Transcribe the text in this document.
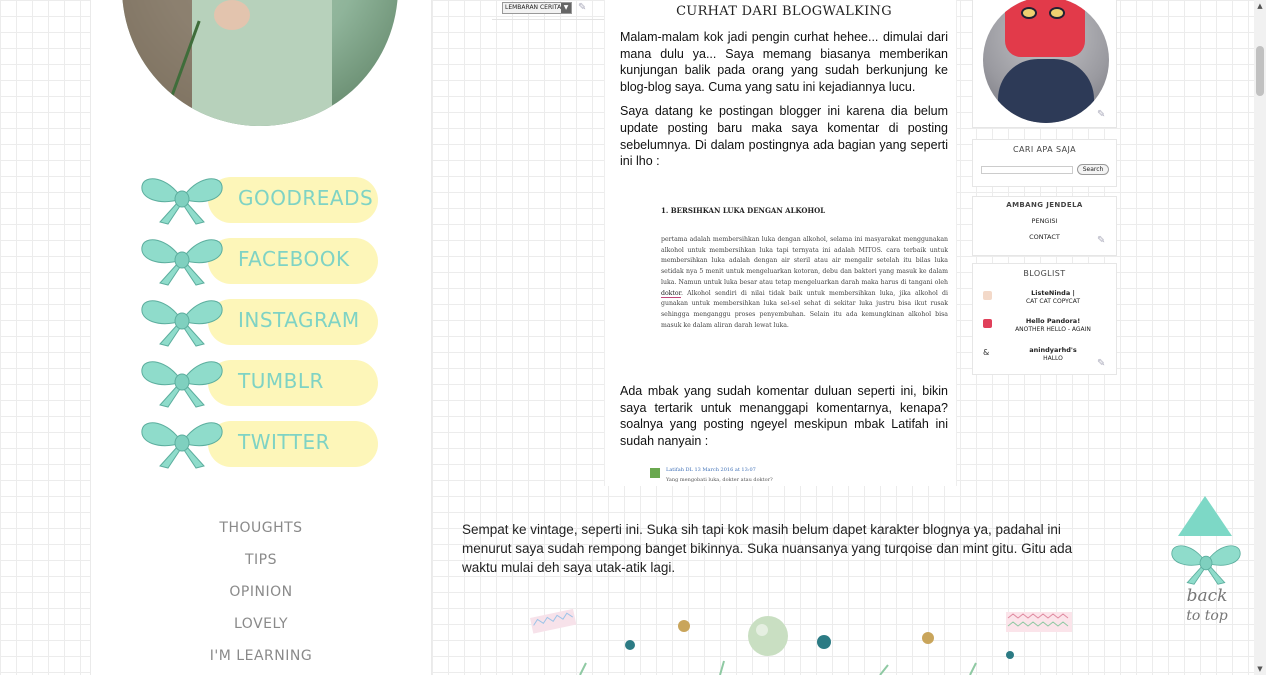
GOODREADS
FACEBOOK
INSTAGRAM
TUMBLR
TWITTER
THOUGHTS
TIPS
OPINION
LOVELY
I'M LEARNING
LEMBARAN CERITA ▼ ✎	CURHAT DARI BLOGWALKING

Malam-malam kok jadi pengin curhat hehee... dimulai dari mana dulu ya... Saya memang biasanya memberikan kunjungan balik pada orang yang sudah berkunjung ke blog-blog saya. Cuma yang satu ini kejadiannya lucu.

Saya datang ke postingan blogger ini karena dia belum update posting baru maka saya komentar di posting sebelumnya. Di dalam postingnya ada bagian yang seperti ini lho :

1. BERSIHKAN LUKA DENGAN ALKOHOL
pertama adalah membersihkan luka dengan alkohol, selama ini masyarakat menggunakan alkohol untuk membersihkan luka tapi ternyata ini adalah MITOS. cara terbaik untuk membersihkan luka adalah dengan air steril atau air mengalir setelah itu bilas luka setidak nya 5 menit untuk mengeluarkan kotoran, debu dan bakteri yang masuk ke dalam luka. Namun untuk luka besar atau tetap mengeluarkan darah maka harus di tangani oleh doktor. Alkohol sendiri di nilai tidak baik untuk membersihkan luka, jika alkohol di gunakan untuk membersihkan luka sel-sel sehat di sekitar luka justru bisa ikut rusak sehingga menganggu proses penyembuhan. Selain itu ada kemungkinan alkohol bisa masuk ke dalam aliran darah lewat luka.
Ada mbak yang sudah komentar duluan seperti ini, bikin saya tertarik untuk menanggapi komentarnya, kenapa? soalnya yang posting ngeyel meskipun mbak Latifah ini sudah nanyain :
Latifah DL 13 March 2016 at 13:07
Yang mengobati luka, dokter atau doktor?
✎
CARI APA SAJA
Search
AMBANG JENDELA
PENGISI
CONTACT	✎
BLOGLIST
ListeNinda |
CAT CAT COPYCAT
Hello Pandora!
ANOTHER HELLO - AGAIN
&	anindyarhd's
HALLO	✎
Sempat ke vintage, seperti ini. Suka sih tapi kok masih belum dapet karakter blognya ya, padahal ini menurut saya sudah rempong banget bikinnya. Suka nuansanya yang turqoise dan mint gitu. Gitu ada waktu mulai deh saya utak-atik lagi.
back
to top
▲
▼
